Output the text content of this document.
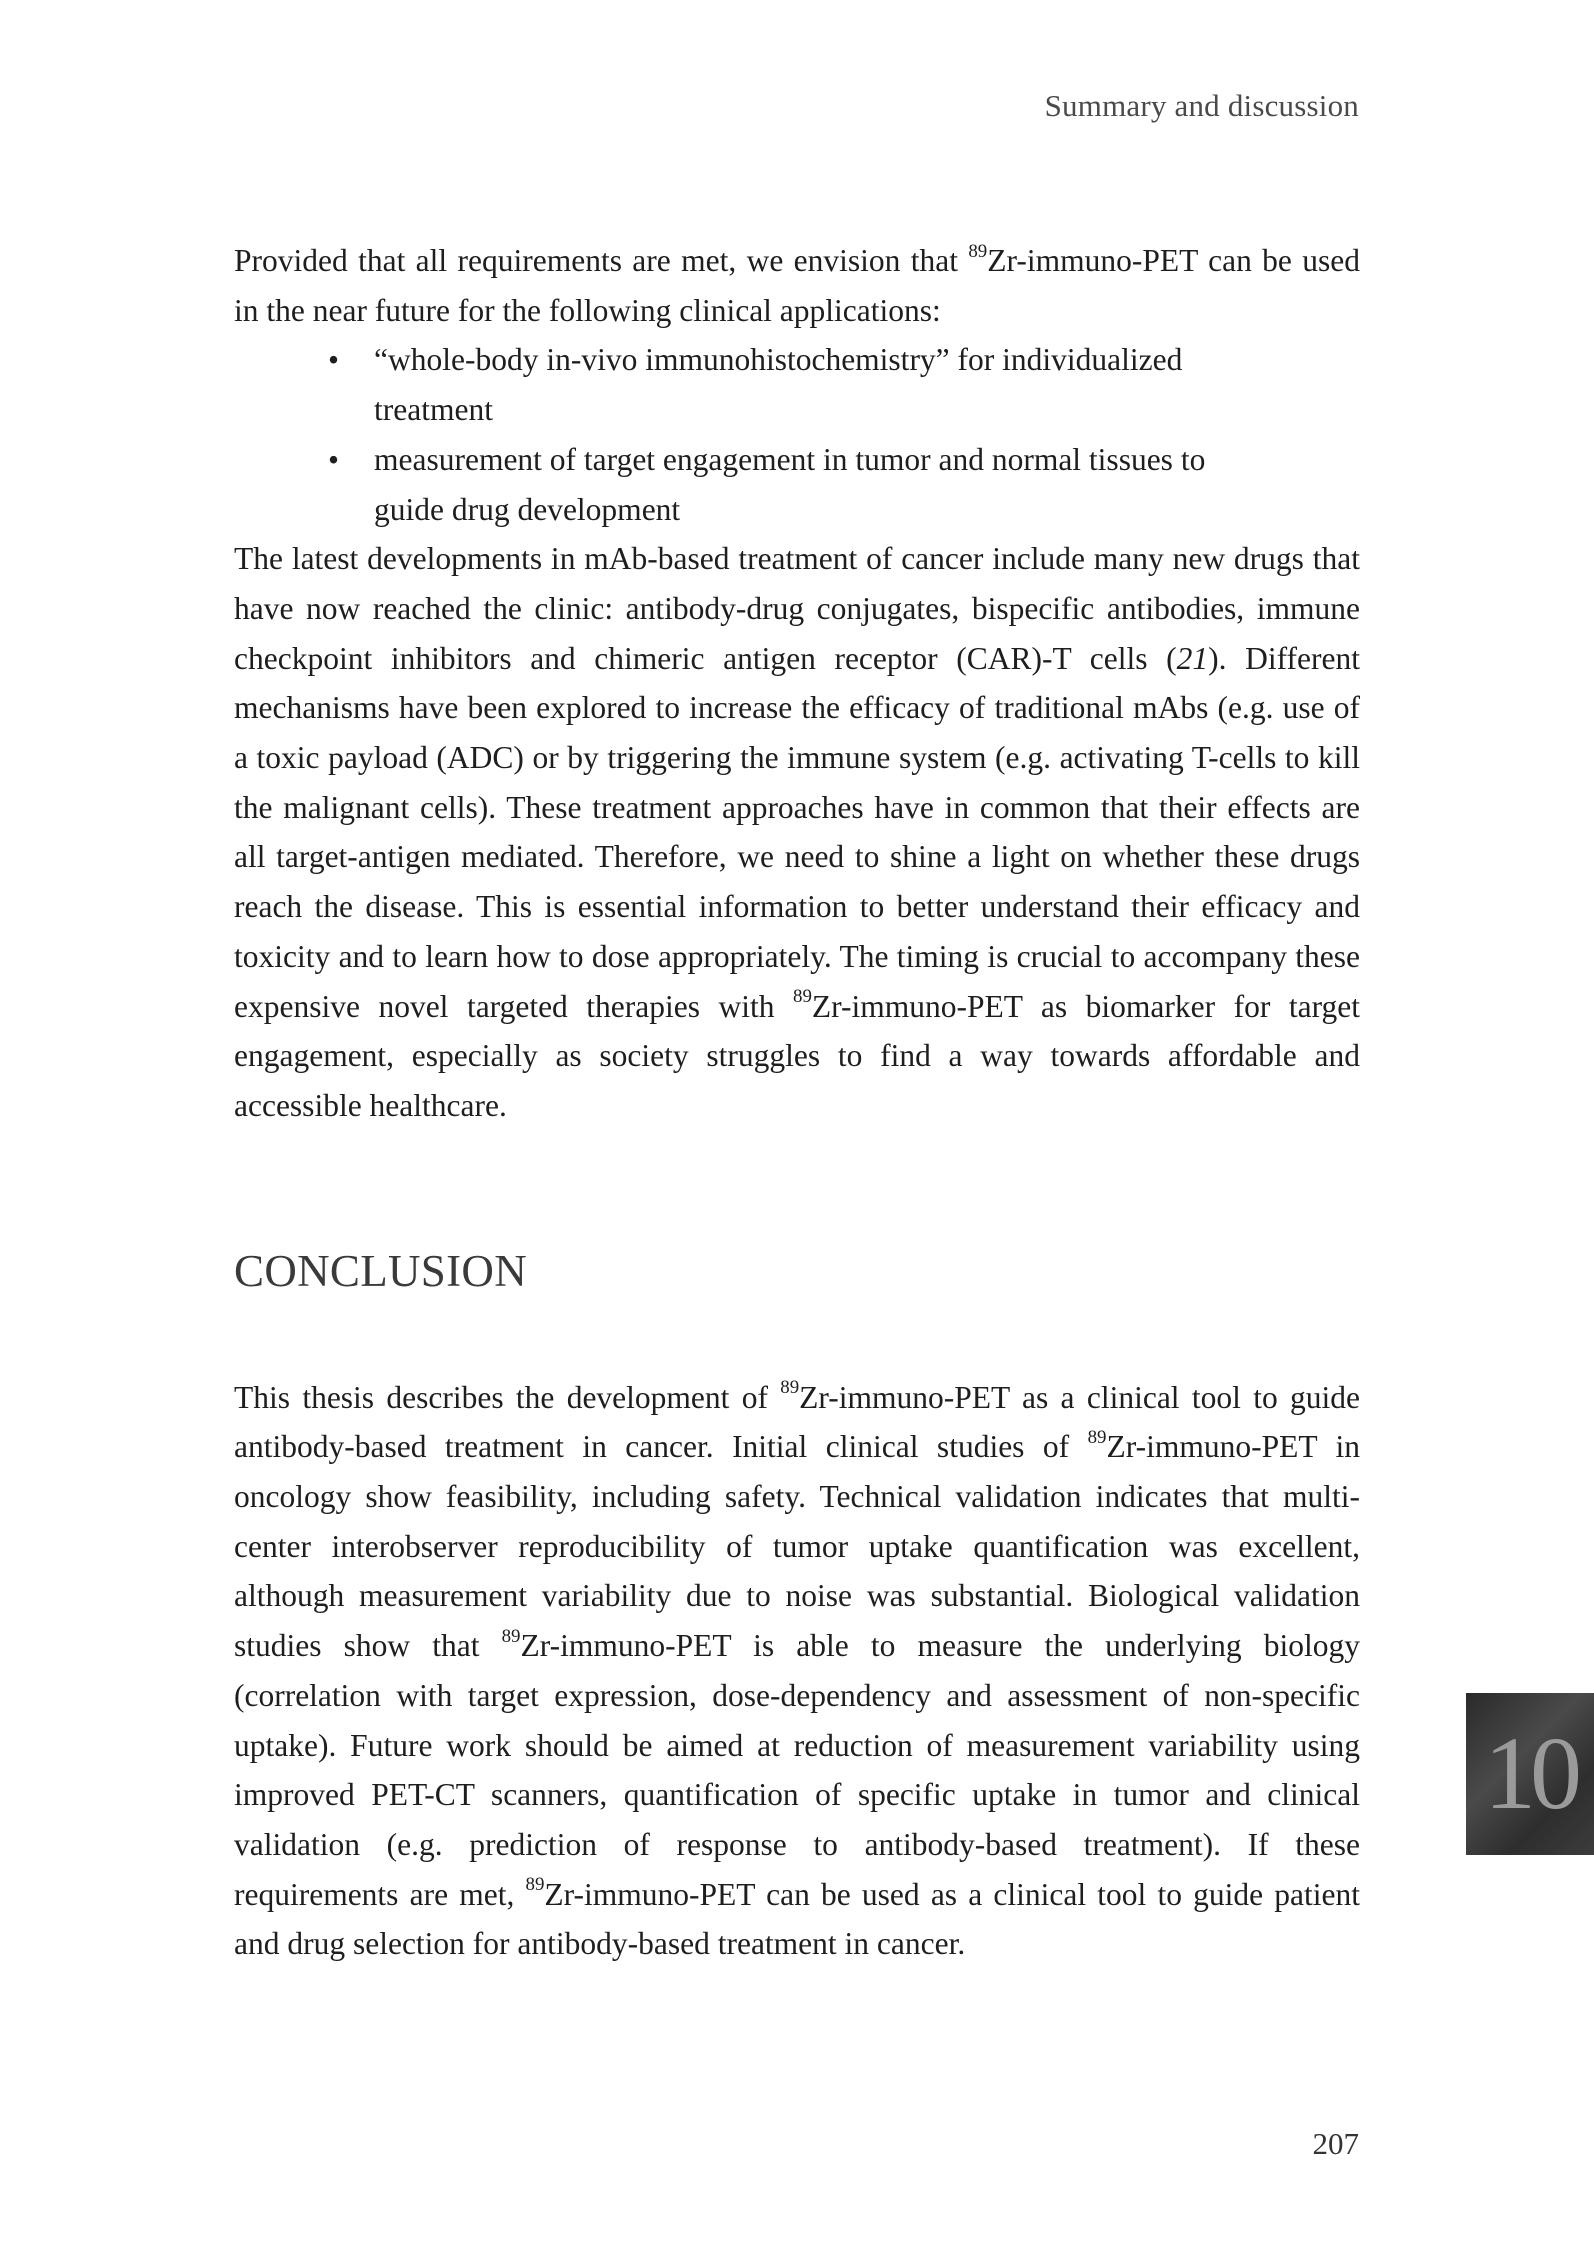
Summary and discussion

Provided that all requirements are met, we envision that $^{89}$Zr-immuno-PET can be used in the near future for the following clinical applications:

• “whole-body in-vivo immunohistochemistry” for individualized treatment
• measurement of target engagement in tumor and normal tissues to guide drug development

The latest developments in mAb-based treatment of cancer include many new drugs that have now reached the clinic: antibody-drug conjugates, bispecific antibodies, immune checkpoint inhibitors and chimeric antigen receptor (CAR)-T cells (21). Different mechanisms have been explored to increase the efficacy of traditional mAbs (e.g. use of a toxic payload (ADC) or by triggering the immune system (e.g. activating T-cells to kill the malignant cells). These treatment approaches have in common that their effects are all target-antigen mediated. Therefore, we need to shine a light on whether these drugs reach the disease. This is essential information to better understand their efficacy and toxicity and to learn how to dose appropriately. The timing is crucial to accompany these expensive novel targeted therapies with $^{89}$Zr-immuno-PET as biomarker for target engagement, especially as society struggles to find a way towards affordable and accessible healthcare.

CONCLUSION

This thesis describes the development of $^{89}$Zr-immuno-PET as a clinical tool to guide antibody-based treatment in cancer. Initial clinical studies of $^{89}$Zr-immuno-PET in oncology show feasibility, including safety. Technical validation indicates that multi-center interobserver reproducibility of tumor uptake quantification was excellent, although measurement variability due to noise was substantial. Biological validation studies show that $^{89}$Zr-immuno-PET is able to measure the underlying biology (correlation with target expression, dose-dependency and assessment of non-specific uptake). Future work should be aimed at reduction of measurement variability using improved PET-CT scanners, quantification of specific uptake in tumor and clinical validation (e.g. prediction of response to antibody-based treatment). If these requirements are met, $^{89}$Zr-immuno-PET can be used as a clinical tool to guide patient and drug selection for antibody-based treatment in cancer.

10
207
